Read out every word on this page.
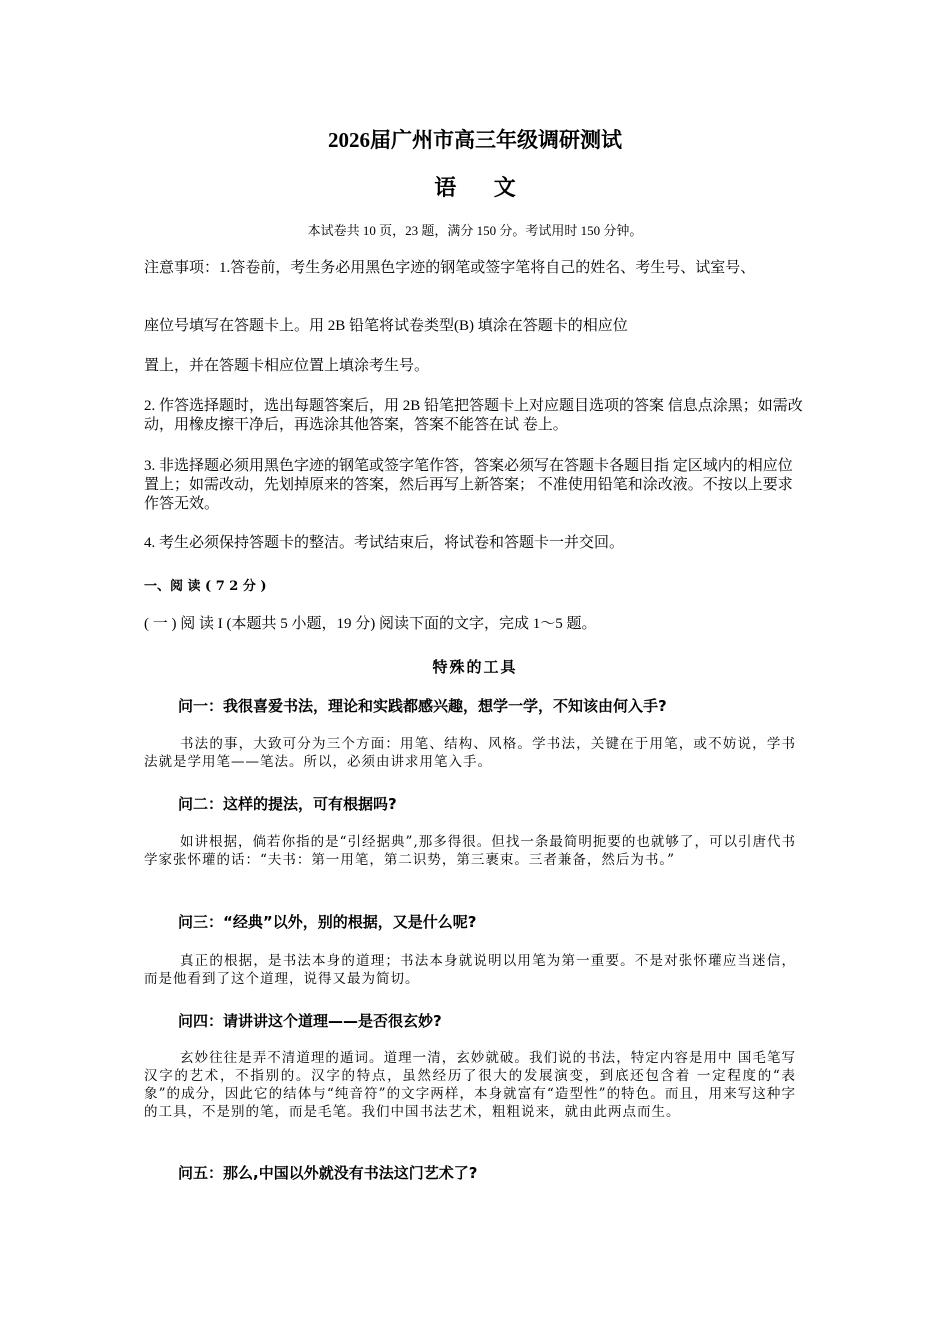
2026届广州市高三年级调研测试
语 文

本试卷共 10 页，23 题，满分 150 分。考试用时 150 分钟。

注意事项：1.答卷前，考生务必用黑色字迹的钢笔或签字笔将自己的姓名、考生号、试室号、

座位号填写在答题卡上。用 2B 铅笔将试卷类型(B) 填涂在答题卡的相应位

置上，并在答题卡相应位置上填涂考生号。

2. 作答选择题时，选出每题答案后，用 2B 铅笔把答题卡上对应题目选项的答案 信息点涂黑；如需改动，用橡皮擦干净后，再选涂其他答案，答案不能答在试 卷上。

3. 非选择题必须用黑色字迹的钢笔或签字笔作答，答案必须写在答题卡各题目指 定区域内的相应位置上；如需改动，先划掉原来的答案，然后再写上新答案； 不准使用铅笔和涂改液。不按以上要求作答无效。

4. 考生必须保持答题卡的整洁。考试结束后，将试卷和答题卡一并交回。

一、阅 读 ( 7 2 分 )

( 一 ) 阅 读 I (本题共 5 小题，19 分) 阅读下面的文字，完成 1～5 题。

特殊的工具

问一：我很喜爱书法，理论和实践都感兴趣，想学一学，不知该由何入手?

书法的事，大致可分为三个方面：用笔、结构、风格。学书法，关键在于用笔，或不妨说，学书法就是学用笔——笔法。所以，必须由讲求用笔入手。

问二：这样的提法，可有根据吗?

如讲根据，倘若你指的是“引经据典”,那多得很。但找一条最简明扼要的也就够了，可以引唐代书学家张怀瓘的话：“夫书：第一用笔，第二识势，第三裹束。三者兼备，然后为书。”

问三：“经典”以外，别的根据，又是什么呢?

真正的根据，是书法本身的道理；书法本身就说明以用笔为第一重要。不是对张怀瓘应当迷信，而是他看到了这个道理，说得又最为简切。

问四：请讲讲这个道理——是否很玄妙?

玄妙往往是弄不清道理的遁词。道理一清，玄妙就破。我们说的书法，特定内容是用中 国毛笔写汉字的艺术，不指别的。汉字的特点，虽然经历了很大的发展演变，到底还包含着 一定程度的“表象”的成分，因此它的结体与“纯音符”的文字两样，本身就富有“造型性”的特色。而且，用来写这种字的工具，不是别的笔，而是毛笔。我们中国书法艺术，粗粗说来，就由此两点而生。

问五：那么,中国以外就没有书法这门艺术了?
